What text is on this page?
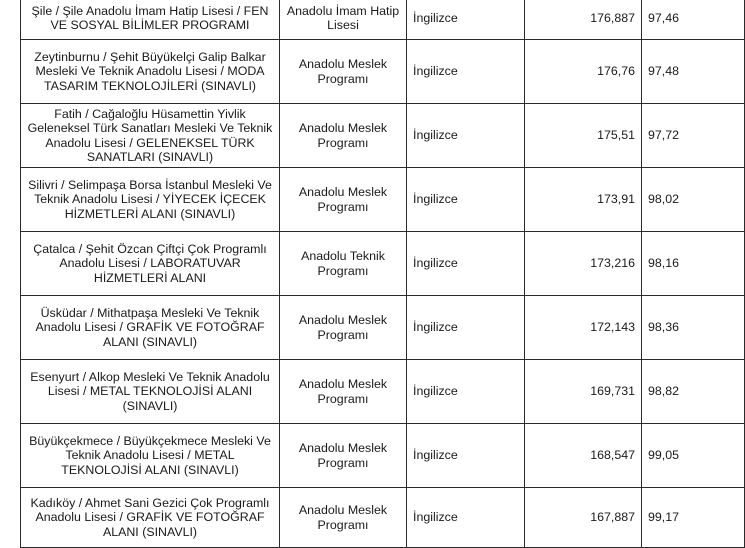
Şile / Şile Anadolu İmam Hatip Lisesi / FEN VE SOSYAL BİLİMLER PROGRAMI	Anadolu İmam Hatip Lisesi	İngilizce	176,887	97,46
Zeytinburnu / Şehit Büyükelçi Galip Balkar Mesleki Ve Teknik Anadolu Lisesi / MODA TASARIM TEKNOLOJİLERİ (SINAVLI)	Anadolu Meslek Programı	İngilizce	176,76	97,48
Fatih / Cağaloğlu Hüsamettin Yivlik Geleneksel Türk Sanatları Mesleki Ve Teknik Anadolu Lisesi / GELENEKSEL TÜRK SANATLARI (SINAVLI)	Anadolu Meslek Programı	İngilizce	175,51	97,72
Silivri / Selimpaşa Borsa İstanbul Mesleki Ve Teknik Anadolu Lisesi / YİYECEK İÇECEK HİZMETLERİ ALANI (SINAVLI)	Anadolu Meslek Programı	İngilizce	173,91	98,02
Çatalca / Şehit Özcan Çiftçi Çok Programlı Anadolu Lisesi / LABORATUVAR HİZMETLERİ ALANI	Anadolu Teknik Programı	İngilizce	173,216	98,16
Üsküdar / Mithatpaşa Mesleki Ve Teknik Anadolu Lisesi / GRAFİK VE FOTOĞRAF ALANI (SINAVLI)	Anadolu Meslek Programı	İngilizce	172,143	98,36
Esenyurt / Alkop Mesleki Ve Teknik Anadolu Lisesi / METAL TEKNOLOJİSİ ALANI (SINAVLI)	Anadolu Meslek Programı	İngilizce	169,731	98,82
Büyükçekmece / Büyükçekmece Mesleki Ve Teknik Anadolu Lisesi / METAL TEKNOLOJİSİ ALANI (SINAVLI)	Anadolu Meslek Programı	İngilizce	168,547	99,05
Kadıköy / Ahmet Sani Gezici Çok Programlı Anadolu Lisesi / GRAFİK VE FOTOĞRAF ALANI (SINAVLI)	Anadolu Meslek Programı	İngilizce	167,887	99,17
